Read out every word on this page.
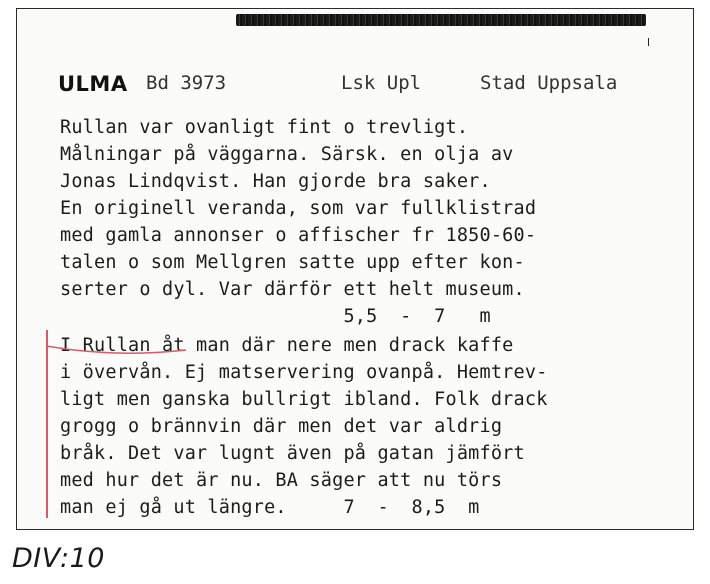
ULMA Bd 3973	Lsk Upl	Stad Uppsala
Rullan var ovanligt fint o trevligt.
Målningar på väggarna. Särsk. en olja av
Jonas Lindqvist. Han gjorde bra saker.
En originell veranda, som var fullklistrad
med gamla annonser o affischer fr 1850-60-
talen o som Mellgren satte upp efter kon-
serter o dyl. Var därför ett helt museum.
5,5  -  7   m
I Rullan åt man där nere men drack kaffe
i övervån. Ej matservering ovanpå. Hemtrev-
ligt men ganska bullrigt ibland. Folk drack
grogg o brännvin där men det var aldrig
bråk. Det var lugnt även på gatan jämfört
med hur det är nu. BA säger att nu törs
man ej gå ut längre.     7  -  8,5  m
DIV:10
